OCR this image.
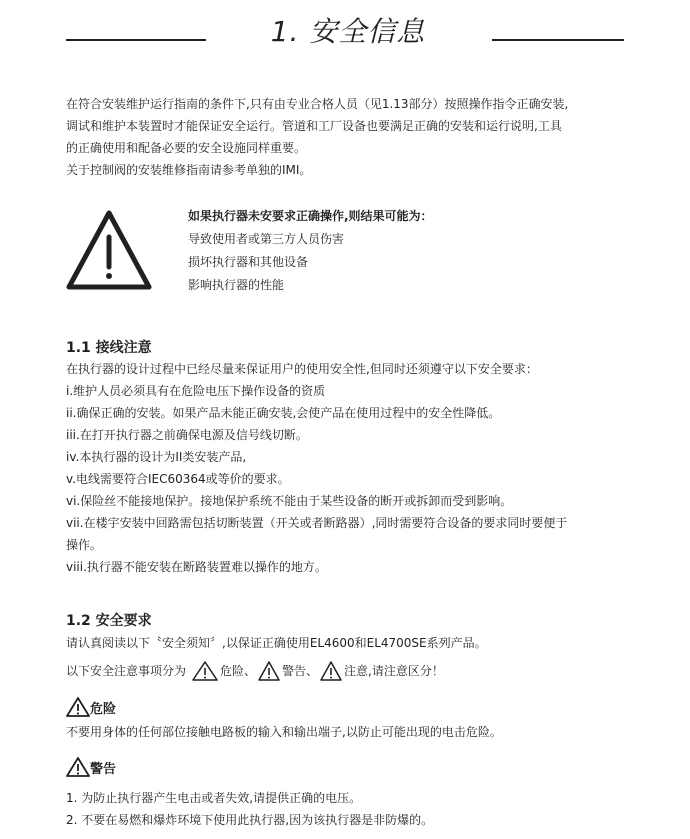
1. 安全信息
在符合安装维护运行指南的条件下,只有由专业合格人员（见1.13部分）按照操作指令正确安装,
调试和维护本装置时才能保证安全运行。管道和工厂设备也要满足正确的安装和运行说明,工具
的正确使用和配备必要的安全设施同样重要。
关于控制阀的安装维修指南请参考单独的IMI。
如果执行器未安要求正确操作,则结果可能为：
导致使用者或第三方人员伤害
损坏执行器和其他设备
影响执行器的性能
1.1 接线注意
在执行器的设计过程中已经尽量来保证用户的使用安全性,但同时还须遵守以下安全要求：
i.维护人员必须具有在危险电压下操作设备的资质
ii.确保正确的安装。如果产品未能正确安装,会使产品在使用过程中的安全性降低。
iii.在打开执行器之前确保电源及信号线切断。
iv.本执行器的设计为II类安装产品,
v.电线需要符合IEC60364或等价的要求。
vi.保险丝不能接地保护。接地保护系统不能由于某些设备的断开或拆卸而受到影响。
vii.在楼宇安装中回路需包括切断装置（开关或者断路器）,同时需要符合设备的要求同时要便于
操作。
viii.执行器不能安装在断路装置难以操作的地方。
1.2 安全要求
请认真阅读以下〝安全须知〞,以保证正确使用EL4600和EL4700SE系列产品。
以下安全注意事项分为	危险、 警告、 注意,请注意区分！
危险
不要用身体的任何部位接触电路板的输入和输出端子,以防止可能出现的电击危险。
警告
1. 为防止执行器产生电击或者失效,请提供正确的电压。
2. 不要在易燃和爆炸环境下使用此执行器,因为该执行器是非防爆的。
